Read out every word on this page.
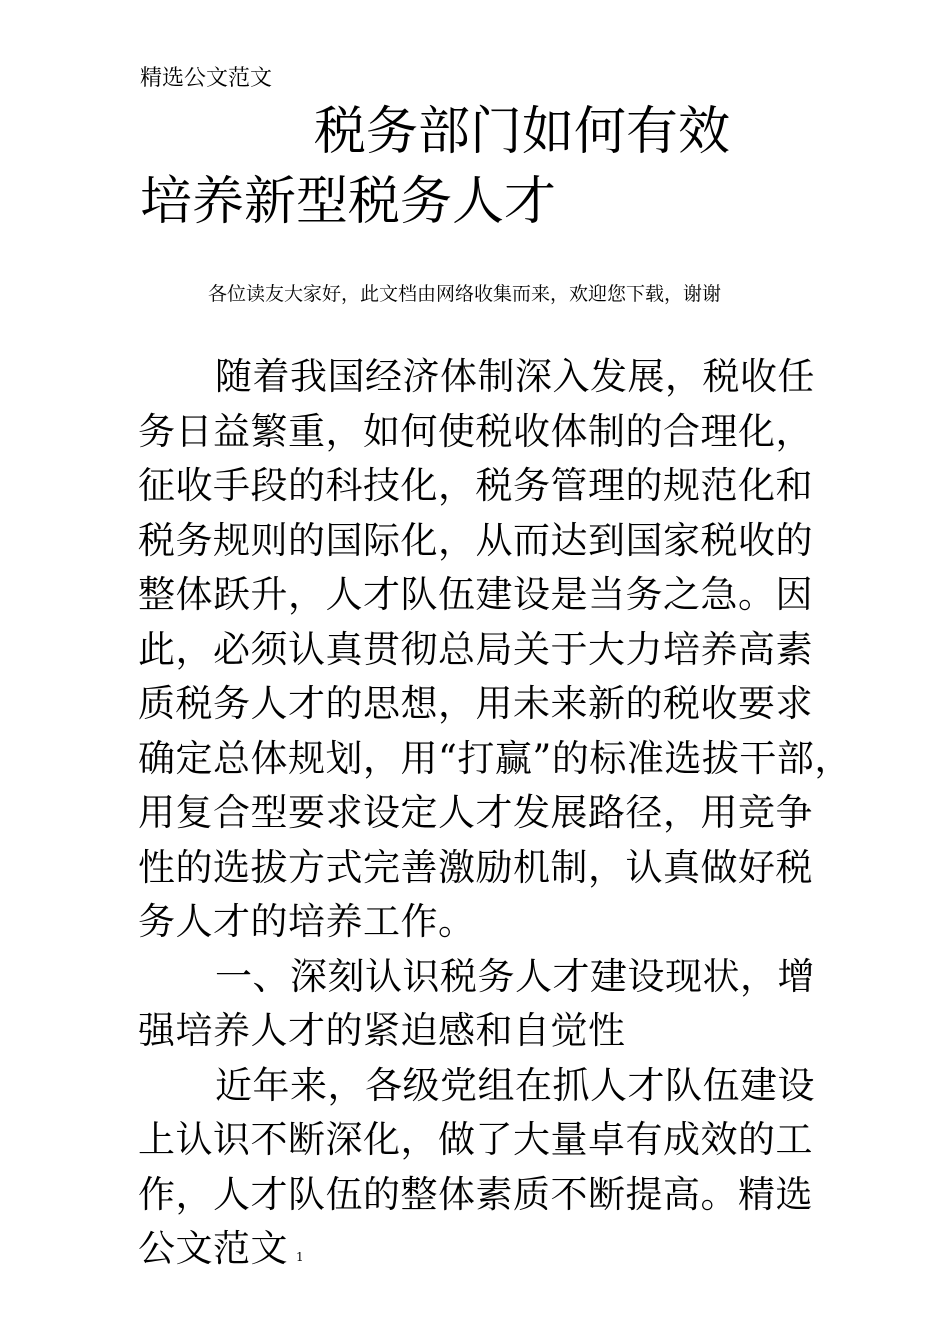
精选公文范文
税务部门如何有效
培养新型税务人才
各位读友大家好，此文档由网络收集而来，欢迎您下载，谢谢
随着我国经济体制深入发展，税收任
务日益繁重，如何使税收体制的合理化，
征收手段的科技化，税务管理的规范化和
税务规则的国际化，从而达到国家税收的
整体跃升，人才队伍建设是当务之急。因
此，必须认真贯彻总局关于大力培养高素
质税务人才的思想，用未来新的税收要求
确定总体规划，用“打赢”的标准选拔干部，
用复合型要求设定人才发展路径，用竞争
性的选拔方式完善激励机制，认真做好税
务人才的培养工作。
一、深刻认识税务人才建设现状，增
强培养人才的紧迫感和自觉性
近年来，各级党组在抓人才队伍建设
上认识不断深化，做了大量卓有成效的工
作，人才队伍的整体素质不断提高。精选
公文范文 1
